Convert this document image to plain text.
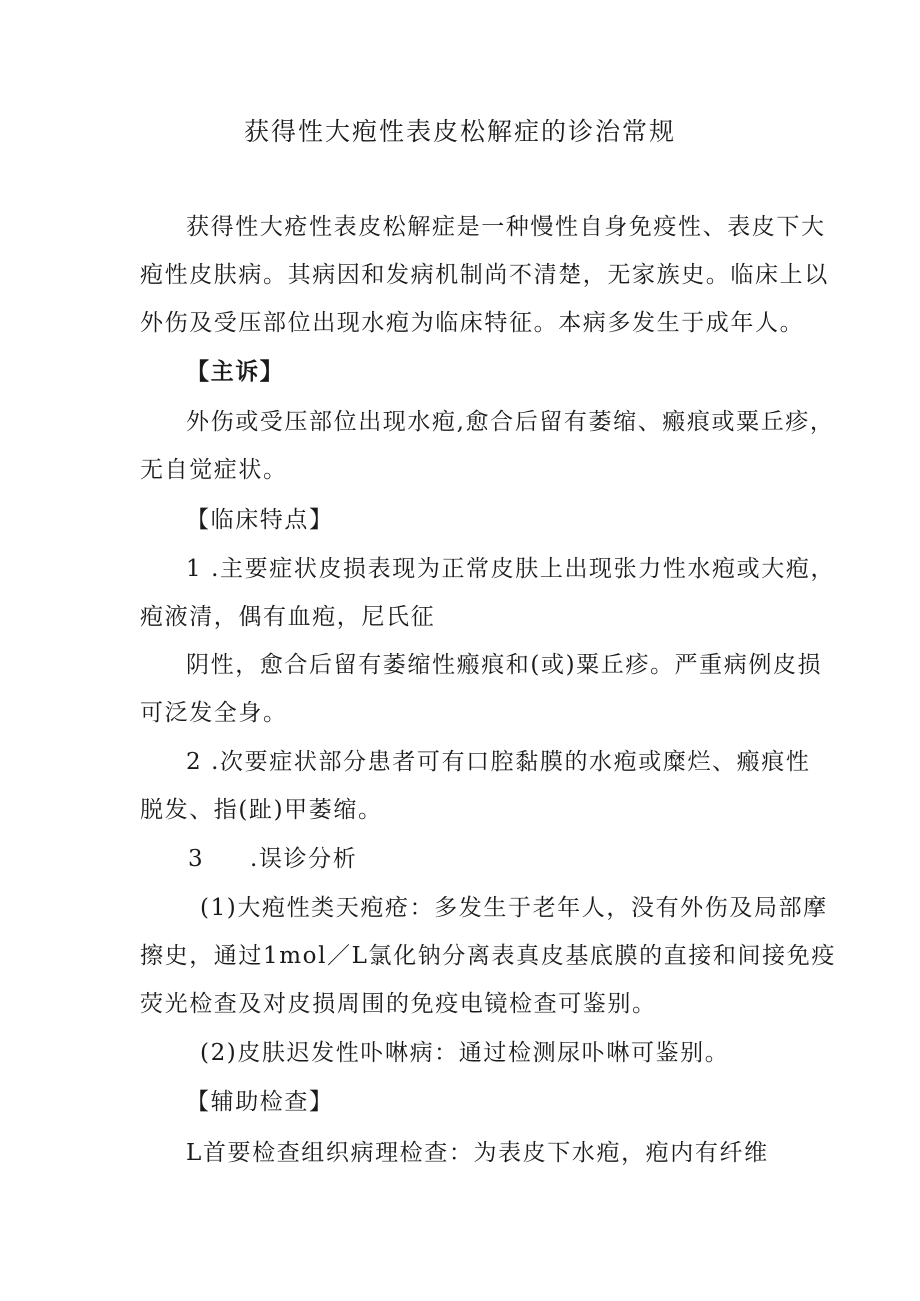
获得性大疱性表皮松解症的诊治常规
获得性大疮性表皮松解症是一种慢性自身免疫性、表皮下大
疱性皮肤病。其病因和发病机制尚不清楚，无家族史。临床上以
外伤及受压部位出现水疱为临床特征。本病多发生于成年人。
【主诉】
外伤或受压部位出现水疱,愈合后留有萎缩、瘢痕或粟丘疹，
无自觉症状。
【临床特点】
1 .主要症状皮损表现为正常皮肤上出现张力性水疱或大疱，
疱液清，偶有血疱，尼氏征
阴性，愈合后留有萎缩性瘢痕和(或)粟丘疹。严重病例皮损
可泛发全身。
2 .次要症状部分患者可有口腔黏膜的水疱或糜烂、瘢痕性
脱发、指(趾)甲萎缩。
3 .误诊分析
(1)大疱性类天疱疮：多发生于老年人，没有外伤及局部摩
擦史，通过1mol／L氯化钠分离表真皮基底膜的直接和间接免疫
荧光检查及对皮损周围的免疫电镜检查可鉴别。
(2)皮肤迟发性卟啉病：通过检测尿卟啉可鉴别。
【辅助检查】
L首要检查组织病理检查：为表皮下水疱，疱内有纤维
